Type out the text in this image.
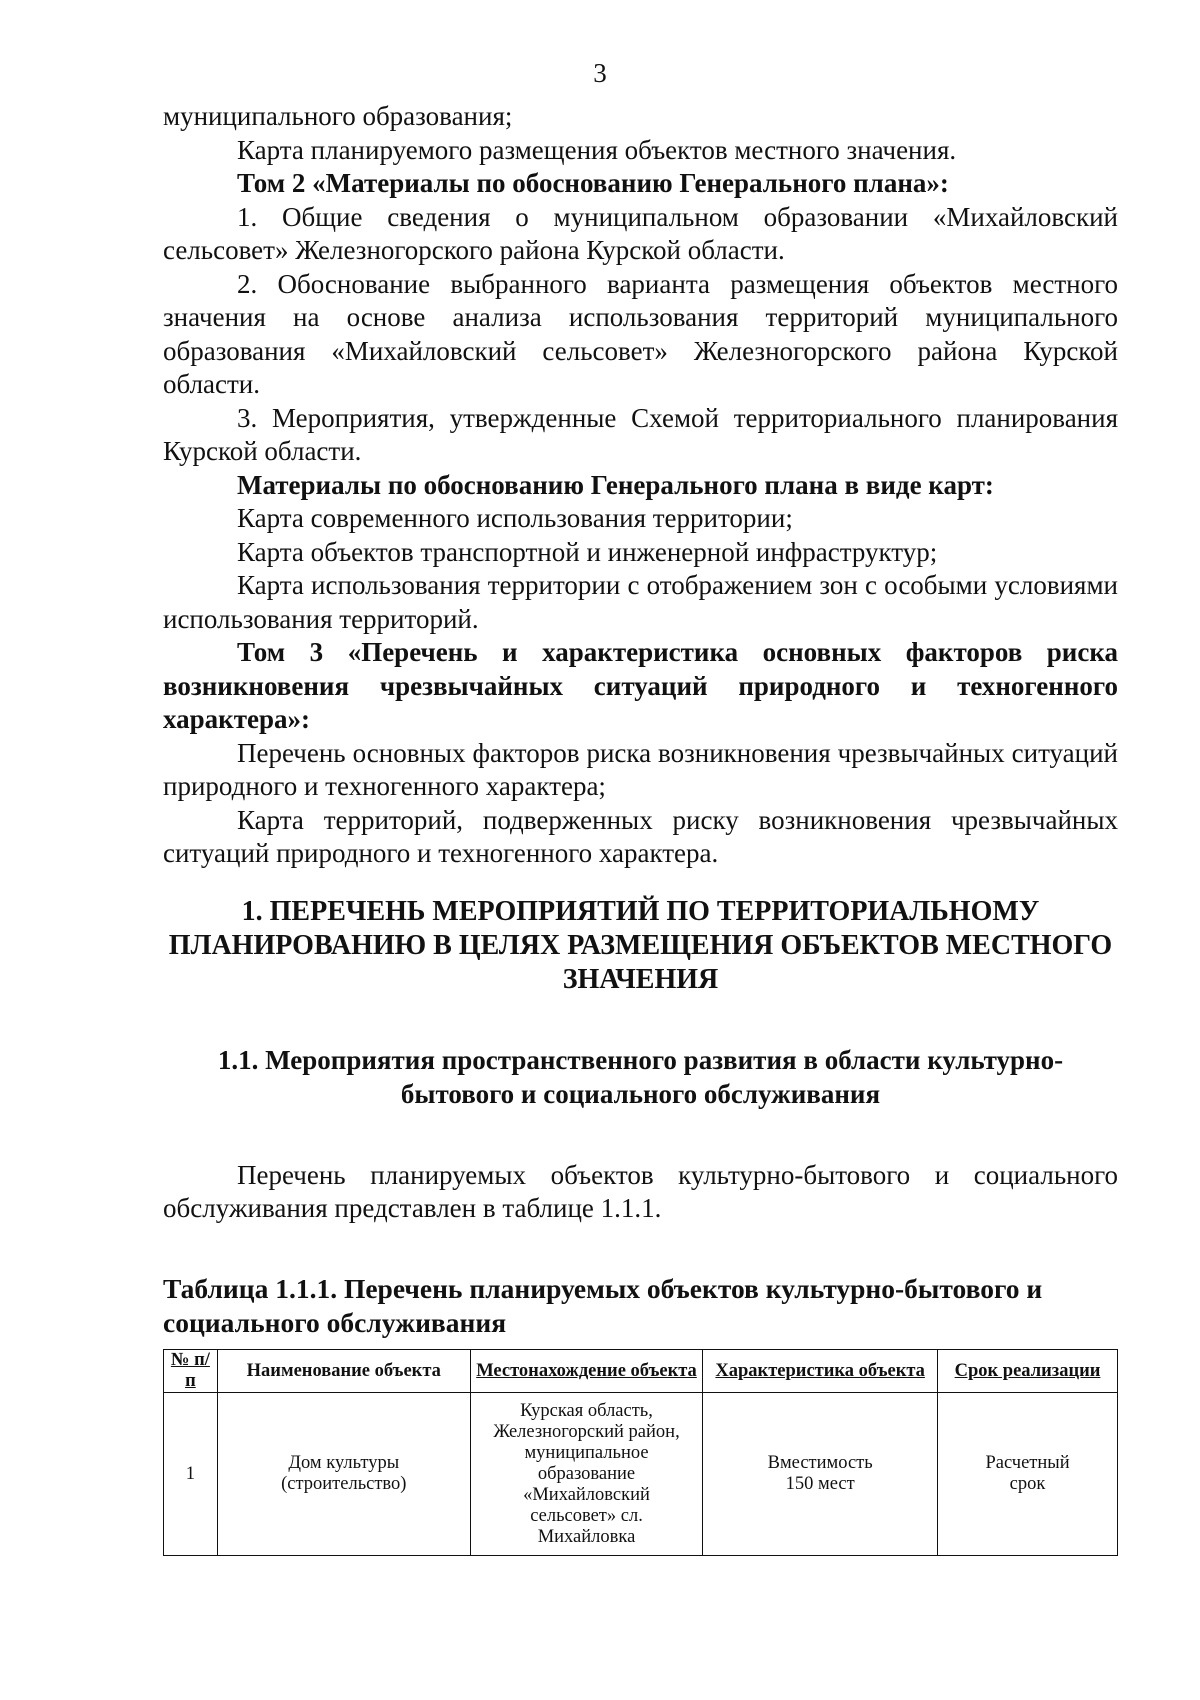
3

муниципального образования;

Карта планируемого размещения объектов местного значения.

Том 2 «Материалы по обоснованию Генерального плана»:

1. Общие сведения о муниципальном образовании «Михайловский сельсовет» Железногорского района Курской области.

2. Обоснование выбранного варианта размещения объектов местного значения на основе анализа использования территорий муниципального образования «Михайловский сельсовет» Железногорского района Курской области.

3. Мероприятия, утвержденные Схемой территориального планирования Курской области.

Материалы по обоснованию Генерального плана в виде карт:

Карта современного использования территории;

Карта объектов транспортной и инженерной инфраструктур;

Карта использования территории с отображением зон с особыми условиями использования территорий.

Том 3 «Перечень и характеристика основных факторов риска возникновения чрезвычайных ситуаций природного и техногенного характера»:

Перечень основных факторов риска возникновения чрезвычайных ситуаций природного и техногенного характера;

Карта территорий, подверженных риску возникновения чрезвычайных ситуаций природного и техногенного характера.

1. ПЕРЕЧЕНЬ МЕРОПРИЯТИЙ ПО ТЕРРИТОРИАЛЬНОМУ ПЛАНИРОВАНИЮ В ЦЕЛЯХ РАЗМЕЩЕНИЯ ОБЪЕКТОВ МЕСТНОГО ЗНАЧЕНИЯ
1.1. Мероприятия пространственного развития в области культурно-бытового и социального обслуживания

Перечень планируемых объектов культурно-бытового и социального обслуживания представлен в таблице 1.1.1.

Таблица 1.1.1. Перечень планируемых объектов культурно-бытового и социального обслуживания

№ п/п	Наименование объекта	Местонахождение объекта	Характеристика объекта	Срок реализации
1	Дом культуры (строительство)	Курская область, Железногорский район, муниципальное образование «Михайловский сельсовет» сл. Михайловка	Вместимость 150 мест	Расчетный срок
